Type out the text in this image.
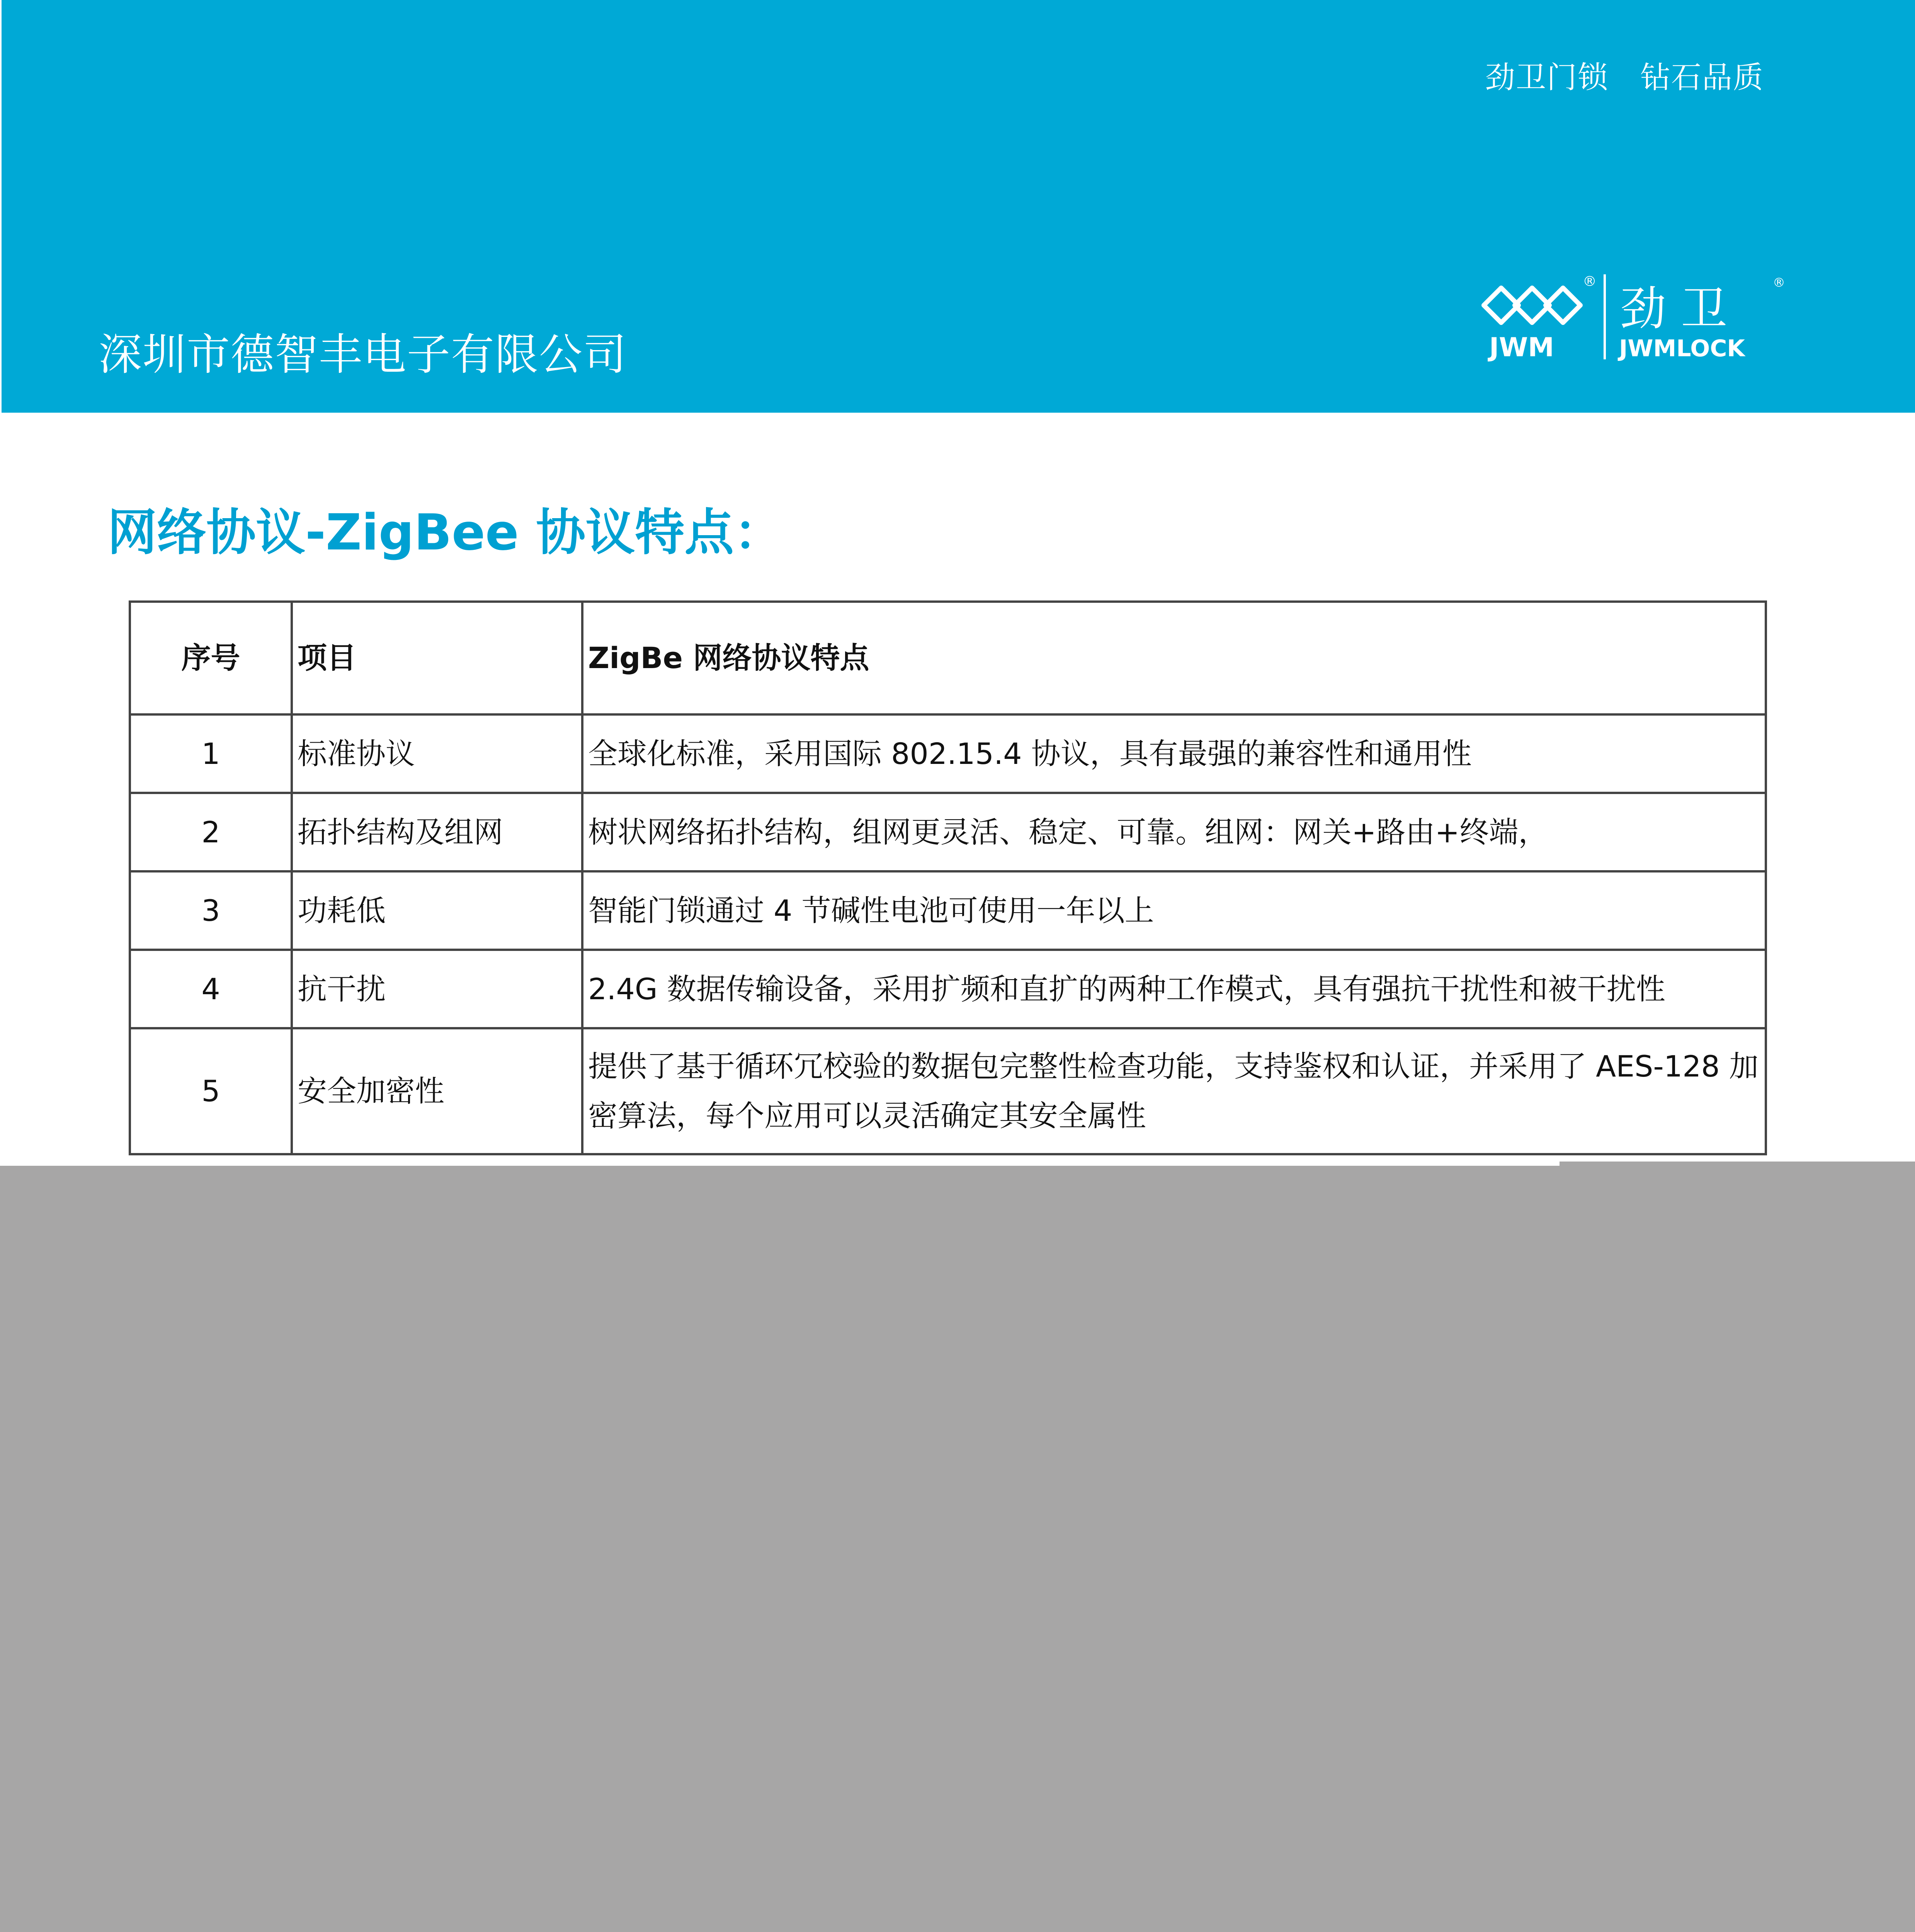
劲卫门锁 钻石品质
深圳市德智丰电子有限公司
®
JWM
劲 卫	®
JWMLOCK
网络协议-ZigBee 协议特点：
序号	项目	ZigBe 网络协议特点
1	标准协议	全球化标准，采用国际 802.15.4 协议，具有最强的兼容性和通用性
2	拓扑结构及组网	树状网络拓扑结构，组网更灵活、稳定、可靠。组网：网关+路由+终端，
3	功耗低	智能门锁通过 4 节碱性电池可使用一年以上
4	抗干扰	2.4G 数据传输设备，采用扩频和直扩的两种工作模式，具有强抗干扰性和被干扰性
5	安全加密性	提供了基于循环冗校验的数据包完整性检查功能，支持鉴权和认证，并采用了 AES-128 加密算法，每个应用可以灵活确定其安全属性
